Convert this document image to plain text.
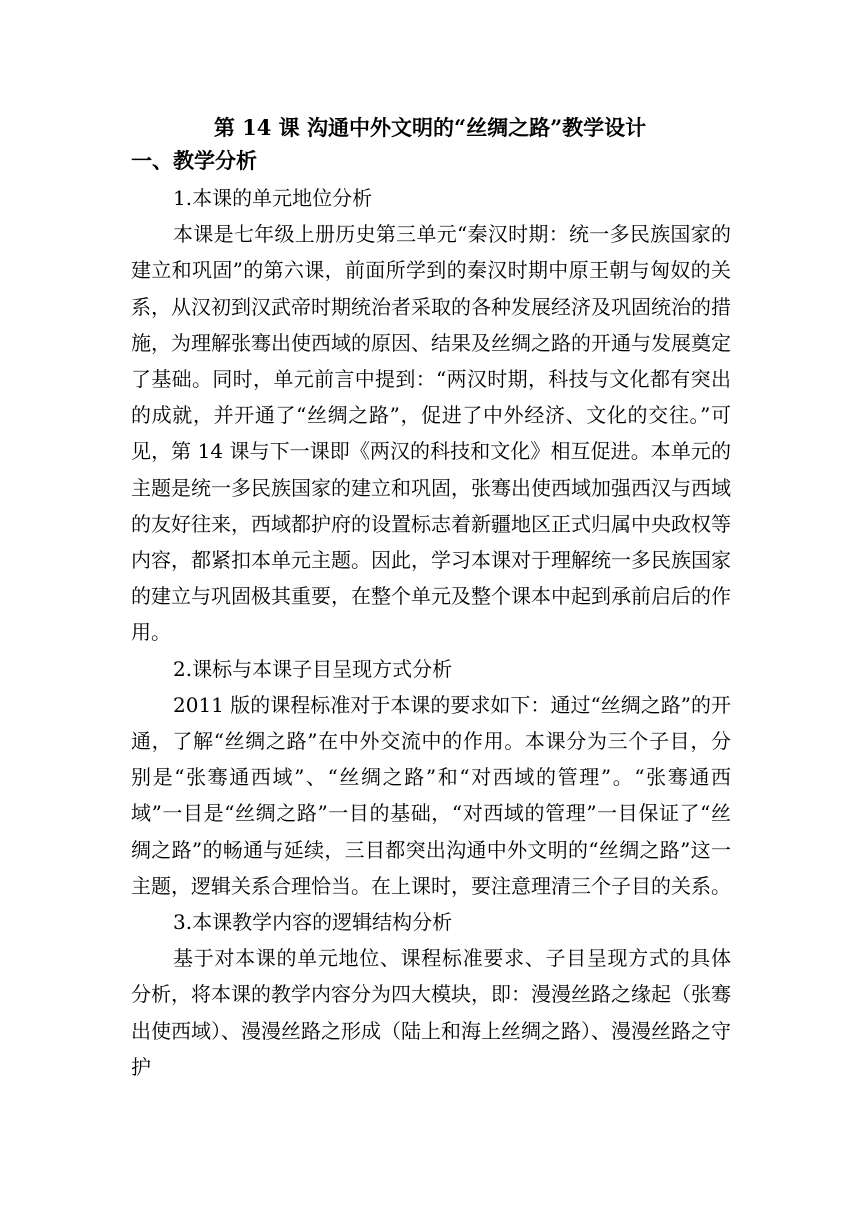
第 14 课 沟通中外文明的“丝绸之路”教学设计
一、教学分析

1.本课的单元地位分析

本课是七年级上册历史第三单元“秦汉时期：统一多民族国家的建立和巩固”的第六课，前面所学到的秦汉时期中原王朝与匈奴的关系，从汉初到汉武帝时期统治者采取的各种发展经济及巩固统治的措施，为理解张骞出使西域的原因、结果及丝绸之路的开通与发展奠定了基础。同时，单元前言中提到：“两汉时期，科技与文化都有突出的成就，并开通了“丝绸之路”，促进了中外经济、文化的交往。”可见，第 14 课与下一课即《两汉的科技和文化》相互促进。本单元的主题是统一多民族国家的建立和巩固，张骞出使西域加强西汉与西域的友好往来，西域都护府的设置标志着新疆地区正式归属中央政权等内容，都紧扣本单元主题。因此，学习本课对于理解统一多民族国家的建立与巩固极其重要，在整个单元及整个课本中起到承前启后的作用。

2.课标与本课子目呈现方式分析

2011 版的课程标准对于本课的要求如下：通过“丝绸之路”的开通，了解“丝绸之路”在中外交流中的作用。本课分为三个子目，分别是“张骞通西域”、“丝绸之路”和“对西域的管理”。“张骞通西域”一目是“丝绸之路”一目的基础，“对西域的管理”一目保证了“丝绸之路”的畅通与延续，三目都突出沟通中外文明的“丝绸之路”这一主题，逻辑关系合理恰当。在上课时，要注意理清三个子目的关系。

3.本课教学内容的逻辑结构分析

基于对本课的单元地位、课程标准要求、子目呈现方式的具体分析，将本课的教学内容分为四大模块，即：漫漫丝路之缘起（张骞出使西域）、漫漫丝路之形成（陆上和海上丝绸之路）、漫漫丝路之守护
